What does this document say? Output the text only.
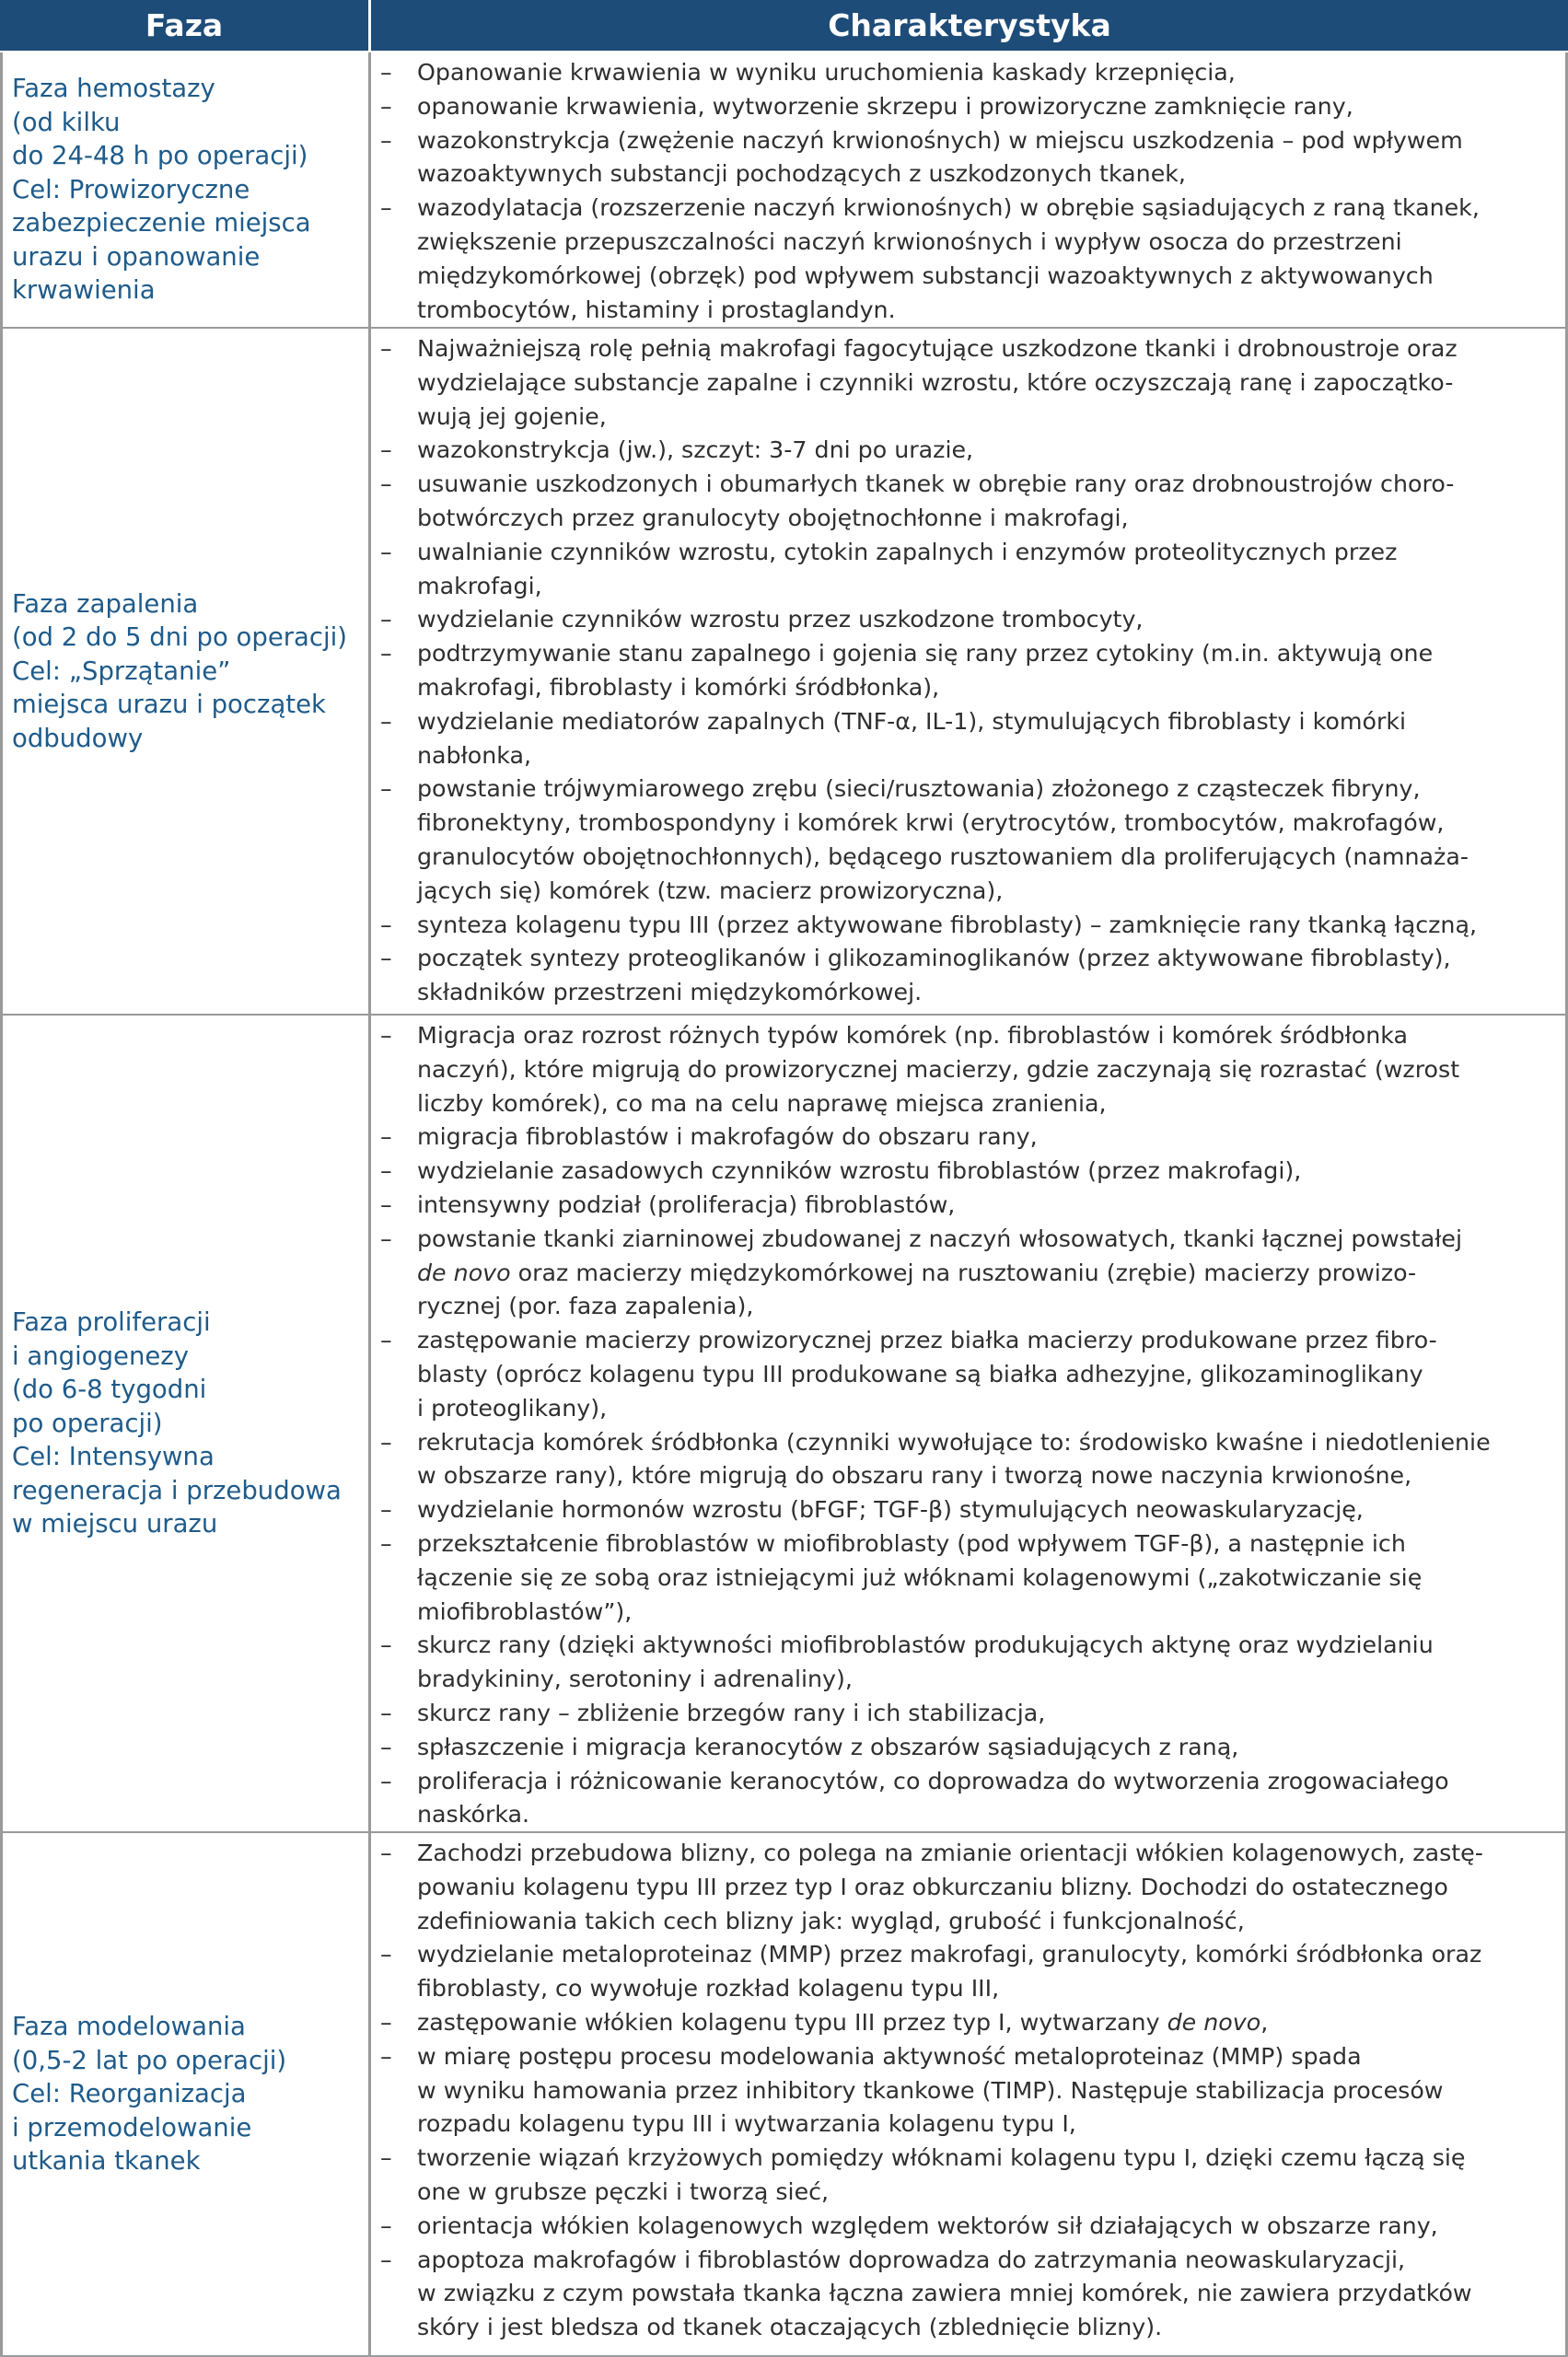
Faza	Charakterystyka
Faza hemostazy
(od kilku
do 24-48 h po operacji)
Cel: Prowizoryczne
zabezpieczenie miejsca
urazu i opanowanie
krwawienia
– Opanowanie krwawienia w wyniku uruchomienia kaskady krzepnięcia,
– opanowanie krwawienia, wytworzenie skrzepu i prowizoryczne zamknięcie rany,
– wazokonstrykcja (zwężenie naczyń krwionośnych) w miejscu uszkodzenia – pod wpływem
wazoaktywnych substancji pochodzących z uszkodzonych tkanek,
– wazodylatacja (rozszerzenie naczyń krwionośnych) w obrębie sąsiadujących z raną tkanek,
zwiększenie przepuszczalności naczyń krwionośnych i wypływ osocza do przestrzeni
międzykomórkowej (obrzęk) pod wpływem substancji wazoaktywnych z aktywowanych
trombocytów, histaminy i prostaglandyn.
Faza zapalenia
(od 2 do 5 dni po operacji)
Cel: „Sprzątanie”
miejsca urazu i początek
odbudowy
– Najważniejszą rolę pełnią makrofagi fagocytujące uszkodzone tkanki i drobnoustroje oraz
wydzielające substancje zapalne i czynniki wzrostu, które oczyszczają ranę i zapoczątko-
wują jej gojenie,
– wazokonstrykcja (jw.), szczyt: 3-7 dni po urazie,
– usuwanie uszkodzonych i obumarłych tkanek w obrębie rany oraz drobnoustrojów choro-
botwórczych przez granulocyty obojętnochłonne i makrofagi,
– uwalnianie czynników wzrostu, cytokin zapalnych i enzymów proteolitycznych przez
makrofagi,
– wydzielanie czynników wzrostu przez uszkodzone trombocyty,
– podtrzymywanie stanu zapalnego i gojenia się rany przez cytokiny (m.in. aktywują one
makrofagi, fibroblasty i komórki śródbłonka),
– wydzielanie mediatorów zapalnych (TNF-α, IL-1), stymulujących fibroblasty i komórki
nabłonka,
– powstanie trójwymiarowego zrębu (sieci/rusztowania) złożonego z cząsteczek fibryny,
fibronektyny, trombospondyny i komórek krwi (erytrocytów, trombocytów, makrofagów,
granulocytów obojętnochłonnych), będącego rusztowaniem dla proliferujących (namnaża-
jących się) komórek (tzw. macierz prowizoryczna),
– synteza kolagenu typu III (przez aktywowane fibroblasty) – zamknięcie rany tkanką łączną,
– początek syntezy proteoglikanów i glikozaminoglikanów (przez aktywowane fibroblasty),
składników przestrzeni międzykomórkowej.
Faza proliferacji
i angiogenezy
(do 6-8 tygodni
po operacji)
Cel: Intensywna
regeneracja i przebudowa
w miejscu urazu
– Migracja oraz rozrost różnych typów komórek (np. fibroblastów i komórek śródbłonka
naczyń), które migrują do prowizorycznej macierzy, gdzie zaczynają się rozrastać (wzrost
liczby komórek), co ma na celu naprawę miejsca zranienia,
– migracja fibroblastów i makrofagów do obszaru rany,
– wydzielanie zasadowych czynników wzrostu fibroblastów (przez makrofagi),
– intensywny podział (proliferacja) fibroblastów,
– powstanie tkanki ziarninowej zbudowanej z naczyń włosowatych, tkanki łącznej powstałej
de novo oraz macierzy międzykomórkowej na rusztowaniu (zrębie) macierzy prowizo-
rycznej (por. faza zapalenia),
– zastępowanie macierzy prowizorycznej przez białka macierzy produkowane przez fibro-
blasty (oprócz kolagenu typu III produkowane są białka adhezyjne, glikozaminoglikany
i proteoglikany),
– rekrutacja komórek śródbłonka (czynniki wywołujące to: środowisko kwaśne i niedotlenienie
w obszarze rany), które migrują do obszaru rany i tworzą nowe naczynia krwionośne,
– wydzielanie hormonów wzrostu (bFGF; TGF-β) stymulujących neowaskularyzację,
– przekształcenie fibroblastów w miofibroblasty (pod wpływem TGF-β), a następnie ich
łączenie się ze sobą oraz istniejącymi już włóknami kolagenowymi („zakotwiczanie się
miofibroblastów”),
– skurcz rany (dzięki aktywności miofibroblastów produkujących aktynę oraz wydzielaniu
bradykininy, serotoniny i adrenaliny),
– skurcz rany – zbliżenie brzegów rany i ich stabilizacja,
– spłaszczenie i migracja keranocytów z obszarów sąsiadujących z raną,
– proliferacja i różnicowanie keranocytów, co doprowadza do wytworzenia zrogowaciałego
naskórka.
Faza modelowania
(0,5-2 lat po operacji)
Cel: Reorganizacja
i przemodelowanie
utkania tkanek
– Zachodzi przebudowa blizny, co polega na zmianie orientacji włókien kolagenowych, zastę-
powaniu kolagenu typu III przez typ I oraz obkurczaniu blizny. Dochodzi do ostatecznego
zdefiniowania takich cech blizny jak: wygląd, grubość i funkcjonalność,
– wydzielanie metaloproteinaz (MMP) przez makrofagi, granulocyty, komórki śródbłonka oraz
fibroblasty, co wywołuje rozkład kolagenu typu III,
– zastępowanie włókien kolagenu typu III przez typ I, wytwarzany de novo,
– w miarę postępu procesu modelowania aktywność metaloproteinaz (MMP) spada
w wyniku hamowania przez inhibitory tkankowe (TIMP). Następuje stabilizacja procesów
rozpadu kolagenu typu III i wytwarzania kolagenu typu I,
– tworzenie wiązań krzyżowych pomiędzy włóknami kolagenu typu I, dzięki czemu łączą się
one w grubsze pęczki i tworzą sieć,
– orientacja włókien kolagenowych względem wektorów sił działających w obszarze rany,
– apoptoza makrofagów i fibroblastów doprowadza do zatrzymania neowaskularyzacji,
w związku z czym powstała tkanka łączna zawiera mniej komórek, nie zawiera przydatków
skóry i jest bledsza od tkanek otaczających (zblednięcie blizny).
